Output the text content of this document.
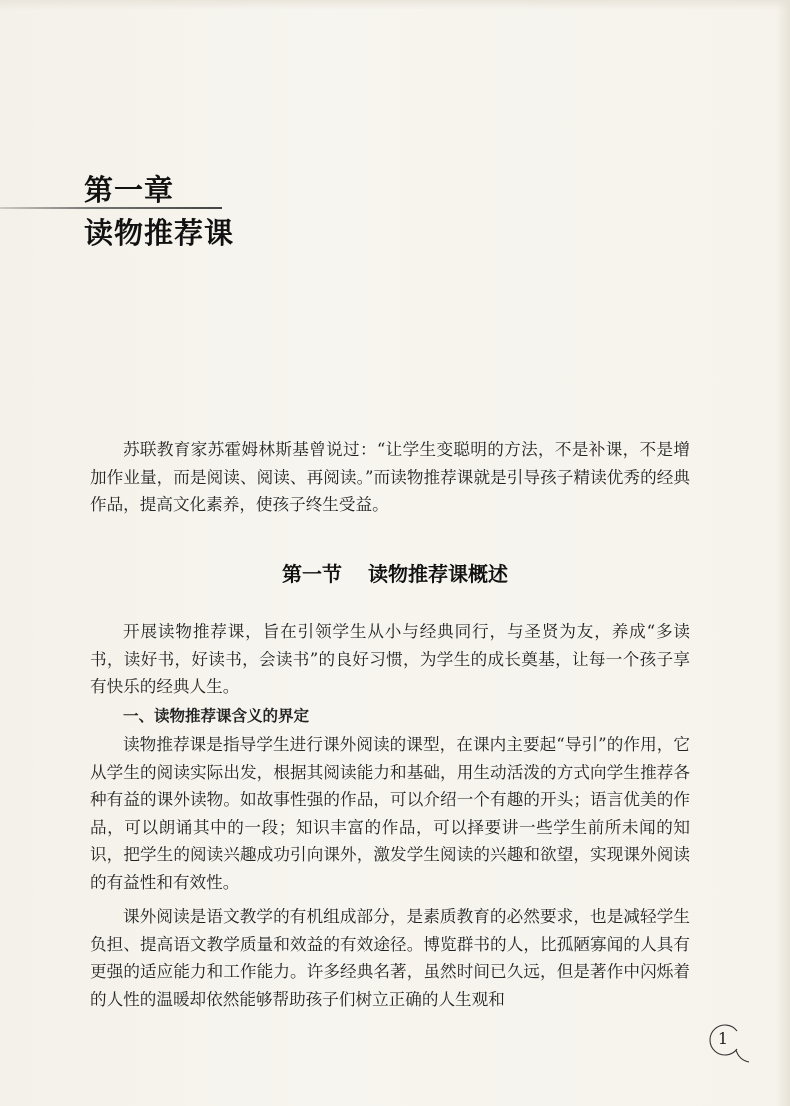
第一章
读物推荐课

苏联教育家苏霍姆林斯基曾说过：“让学生变聪明的方法，不是补课，不是增加作业量，而是阅读、阅读、再阅读。”而读物推荐课就是引导孩子精读优秀的经典作品，提高文化素养，使孩子终生受益。

第一节 读物推荐课概述

开展读物推荐课，旨在引领学生从小与经典同行，与圣贤为友，养成“多读书，读好书，好读书，会读书”的良好习惯，为学生的成长奠基，让每一个孩子享有快乐的经典人生。

一、读物推荐课含义的界定

读物推荐课是指导学生进行课外阅读的课型，在课内主要起“导引”的作用，它从学生的阅读实际出发，根据其阅读能力和基础，用生动活泼的方式向学生推荐各种有益的课外读物。如故事性强的作品，可以介绍一个有趣的开头；语言优美的作品，可以朗诵其中的一段；知识丰富的作品，可以择要讲一些学生前所未闻的知识，把学生的阅读兴趣成功引向课外，激发学生阅读的兴趣和欲望，实现课外阅读的有益性和有效性。

课外阅读是语文教学的有机组成部分，是素质教育的必然要求，也是减轻学生负担、提高语文教学质量和效益的有效途径。博览群书的人，比孤陋寡闻的人具有更强的适应能力和工作能力。许多经典名著，虽然时间已久远，但是著作中闪烁着的人性的温暖却依然能够帮助孩子们树立正确的人生观和

1
